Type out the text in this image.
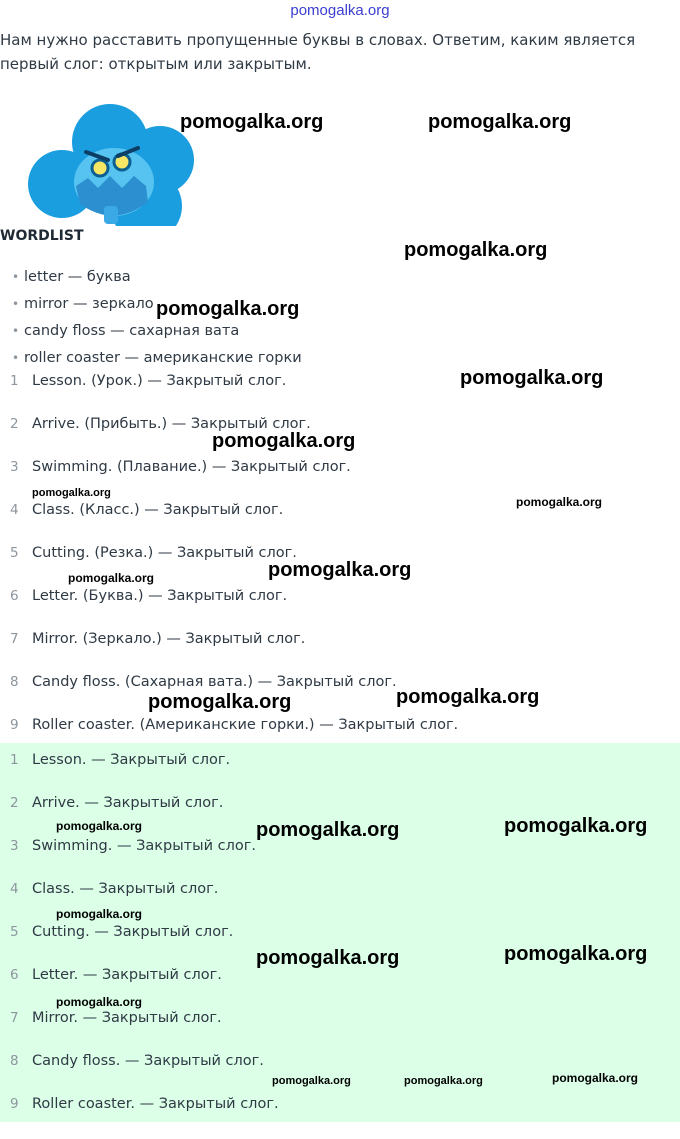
pomogalka.org
Нам нужно расставить пропущенные буквы в словах. Ответим, каким является первый слог: открытым или закрытым.
WORDLIST
• letter — буква
• mirror — зеркало
• candy floss — сахарная вата
• roller coaster — американские горки
1 Lesson. (Урок.) — Закрытый слог.
2 Arrive. (Прибыть.) — Закрытый слог.
3 Swimming. (Плавание.) — Закрытый слог.
4 Class. (Класс.) — Закрытый слог.
5 Cutting. (Резка.) — Закрытый слог.
6 Letter. (Буква.) — Закрытый слог.
7 Mirror. (Зеркало.) — Закрытый слог.
8 Candy floss. (Сахарная вата.) — Закрытый слог.
9 Roller coaster. (Американские горки.) — Закрытый слог.
1 Lesson. — Закрытый слог.
2 Arrive. — Закрытый слог.
3 Swimming. — Закрытый слог.
4 Class. — Закрытый слог.
5 Cutting. — Закрытый слог.
6 Letter. — Закрытый слог.
7 Mirror. — Закрытый слог.
8 Candy floss. — Закрытый слог.
9 Roller coaster. — Закрытый слог.
pomogalka.org	pomogalka.org
pomogalka.org
pomogalka.org
pomogalka.org
pomogalka.org
pomogalka.org
pomogalka.org
pomogalka.org
pomogalka.org
pomogalka.org	pomogalka.org
pomogalka.org	pomogalka.org	pomogalka.org
pomogalka.org
pomogalka.org	pomogalka.org
pomogalka.org
pomogalka.org	pomogalka.org	pomogalka.org
